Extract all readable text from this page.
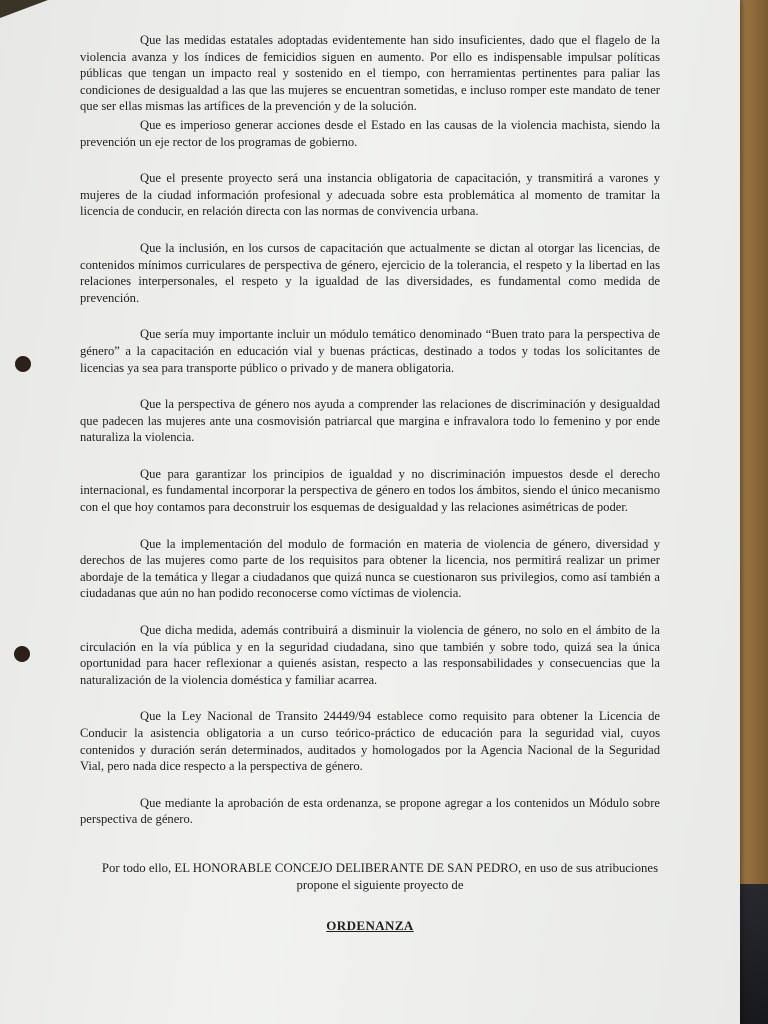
Que las medidas estatales adoptadas evidentemente han sido insuficientes, dado que el flagelo de la violencia avanza y los índices de femicidios siguen en aumento. Por ello es indispensable impulsar políticas públicas que tengan un impacto real y sostenido en el tiempo, con herramientas pertinentes para paliar las condiciones de desigualdad a las que las mujeres se encuentran sometidas, e incluso romper este mandato de tener que ser ellas mismas las artífices de la prevención y de la solución.

Que es imperioso generar acciones desde el Estado en las causas de la violencia machista, siendo la prevención un eje rector de los programas de gobierno.

Que el presente proyecto será una instancia obligatoria de capacitación, y transmitirá a varones y mujeres de la ciudad información profesional y adecuada sobre esta problemática al momento de tramitar la licencia de conducir, en relación directa con las normas de convivencia urbana.

Que la inclusión, en los cursos de capacitación que actualmente se dictan al otorgar las licencias, de contenidos mínimos curriculares de perspectiva de género, ejercicio de la tolerancia, el respeto y la libertad en las relaciones interpersonales, el respeto y la igualdad de las diversidades, es fundamental como medida de prevención.

Que sería muy importante incluir un módulo temático denominado “Buen trato para la perspectiva de género” a la capacitación en educación vial y buenas prácticas, destinado a todos y todas los solicitantes de licencias ya sea para transporte público o privado y de manera obligatoria.

Que la perspectiva de género nos ayuda a comprender las relaciones de discriminación y desigualdad que padecen las mujeres ante una cosmovisión patriarcal que margina e infravalora todo lo femenino y por ende naturaliza la violencia.

Que para garantizar los principios de igualdad y no discriminación impuestos desde el derecho internacional, es fundamental incorporar la perspectiva de género en todos los ámbitos, siendo el único mecanismo con el que hoy contamos para deconstruir los esquemas de desigualdad y las relaciones asimétricas de poder.

Que la implementación del modulo de formación en materia de violencia de género, diversidad y derechos de las mujeres como parte de los requisitos para obtener la licencia, nos permitirá realizar un primer abordaje de la temática y llegar a ciudadanos que quizá nunca se cuestionaron sus privilegios, como así también a ciudadanas que aún no han podido reconocerse como víctimas de violencia.

Que dicha medida, además contribuirá a disminuir la violencia de género, no solo en el ámbito de la circulación en la vía pública y en la seguridad ciudadana, sino que también y sobre todo, quizá sea la única oportunidad para hacer reflexionar a quienés asistan, respecto a las responsabilidades y consecuencias que la naturalización de la violencia doméstica y familiar acarrea.

Que la Ley Nacional de Transito 24449/94 establece como requisito para obtener la Licencia de Conducir la asistencia obligatoria a un curso teórico-práctico de educación para la seguridad vial, cuyos contenidos y duración serán determinados, auditados y homologados por la Agencia Nacional de la Seguridad Vial, pero nada dice respecto a la perspectiva de género.

Que mediante la aprobación de esta ordenanza, se propone agregar a los contenidos un Módulo sobre perspectiva de género.

Por todo ello, EL HONORABLE CONCEJO DELIBERANTE DE SAN PEDRO, en uso de sus atribuciones propone el siguiente proyecto de
ORDENANZA
